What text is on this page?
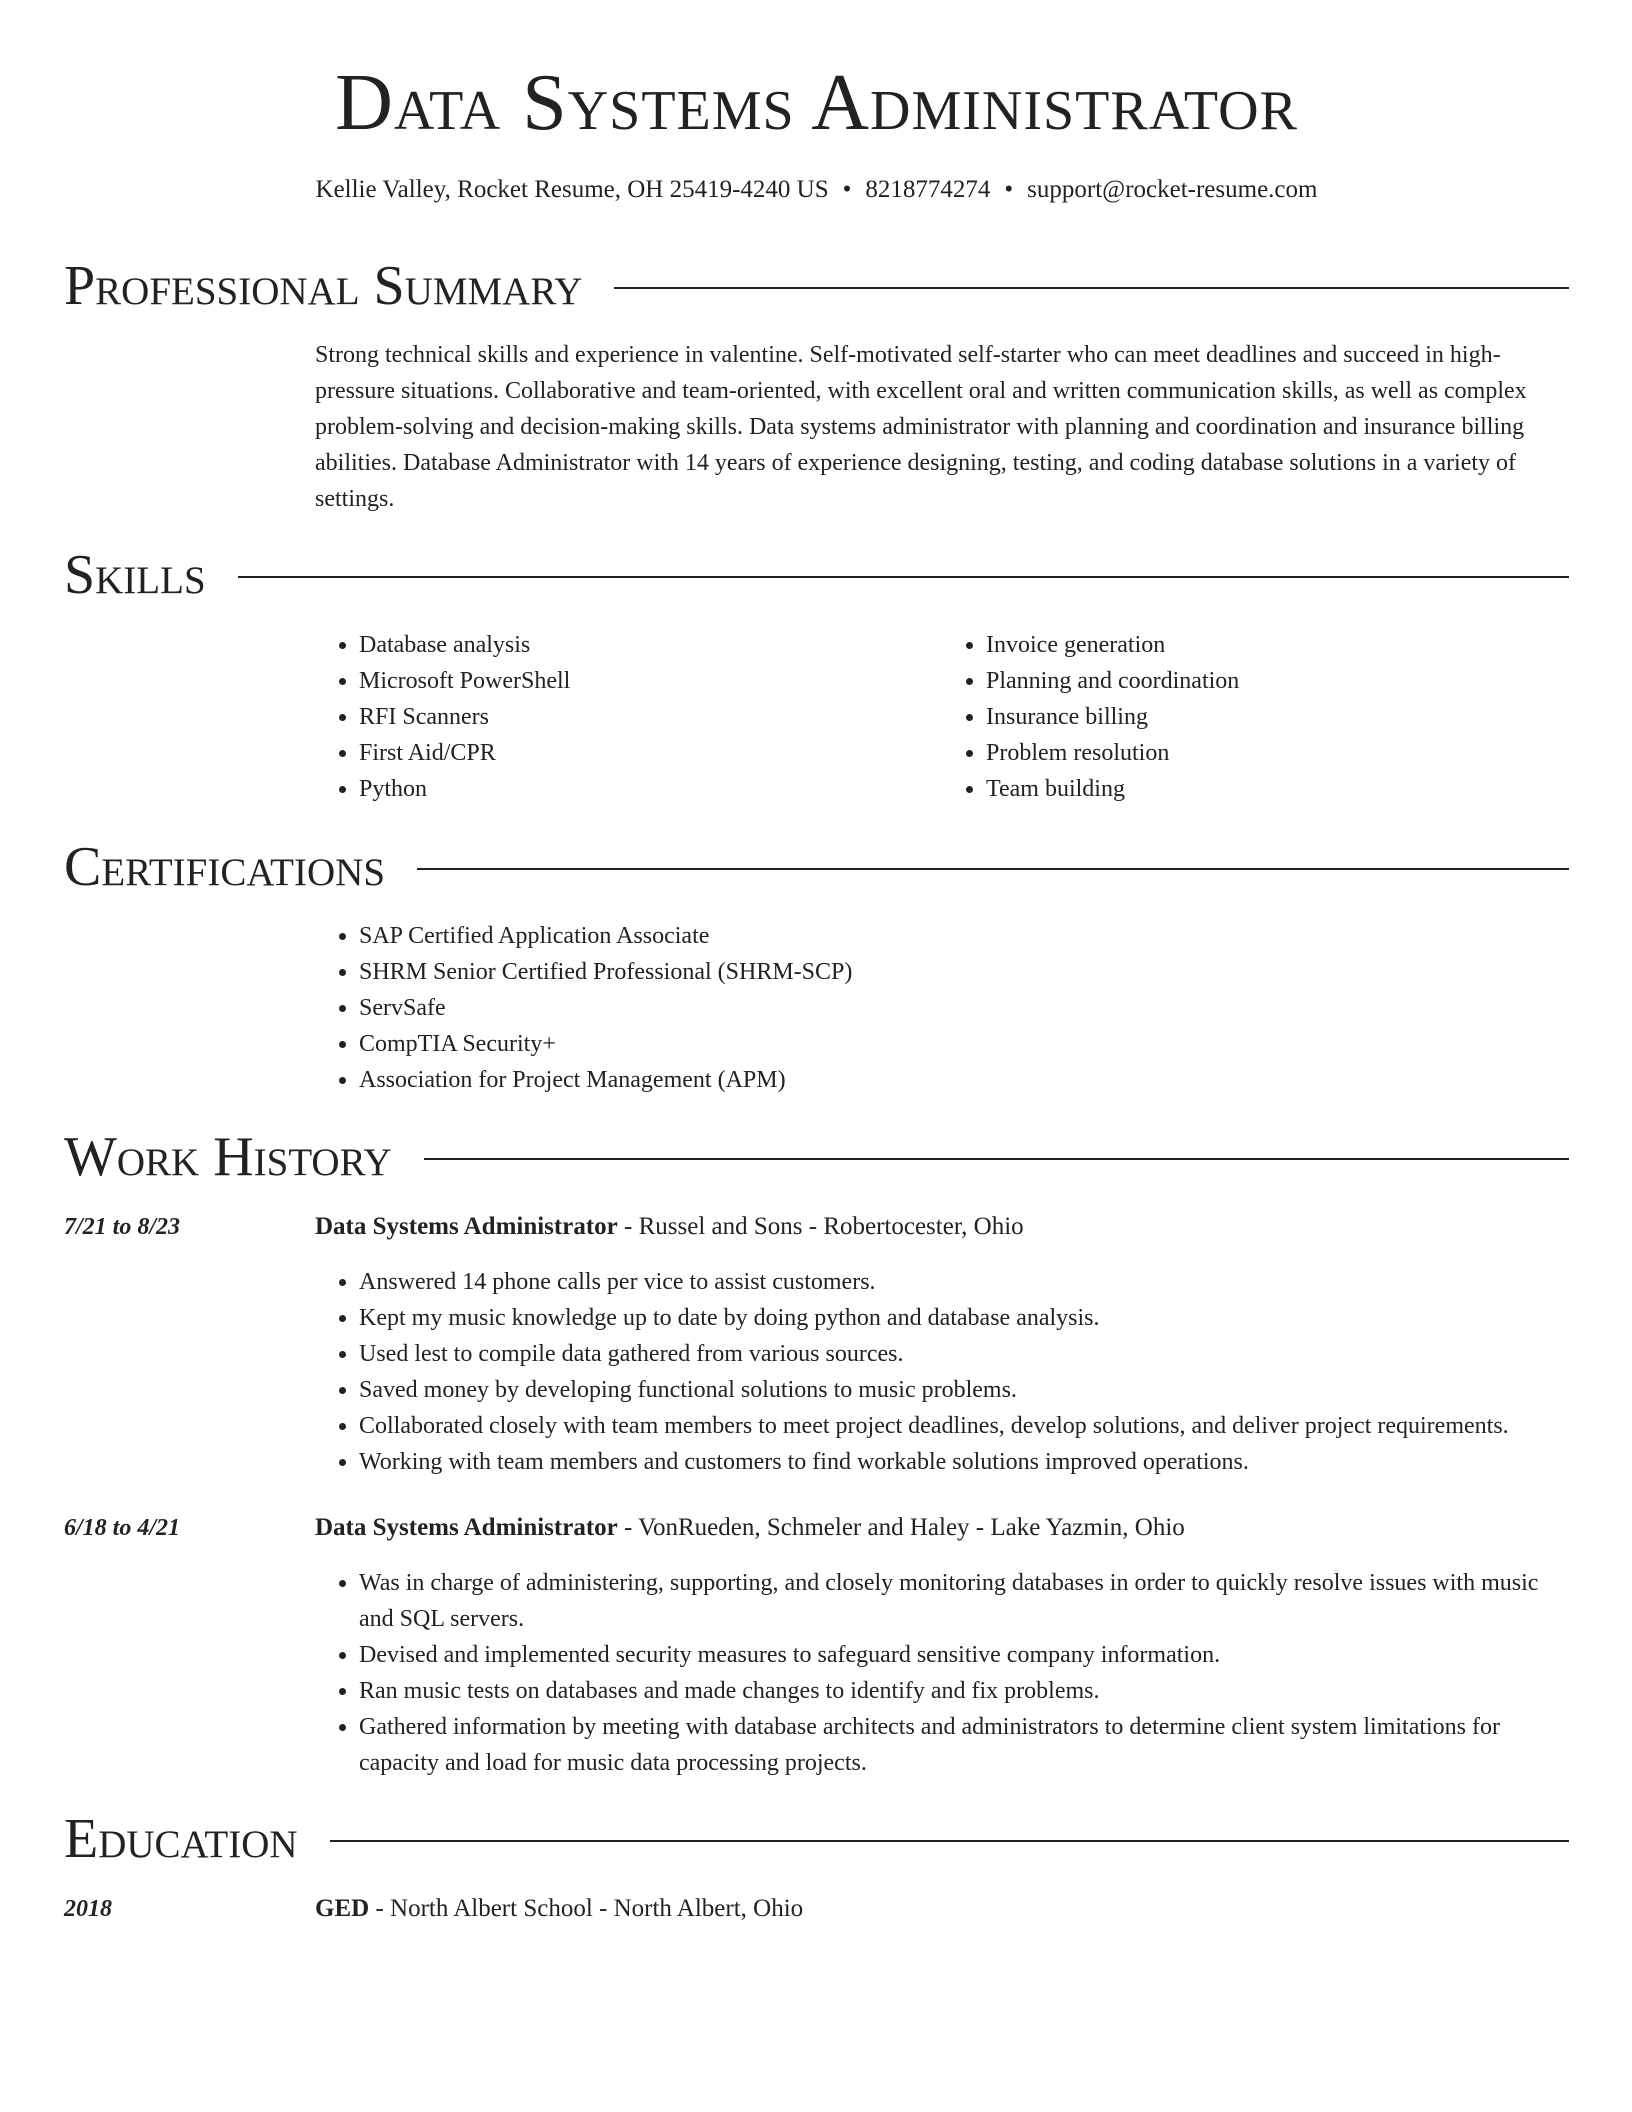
Data Systems Administrator
Kellie Valley, Rocket Resume, OH 25419-4240 US • 8218774274 • support@rocket-resume.com
Professional Summary
Strong technical skills and experience in valentine. Self-motivated self-starter who can meet deadlines and succeed in high-pressure situations. Collaborative and team-oriented, with excellent oral and written communication skills, as well as complex problem-solving and decision-making skills. Data systems administrator with planning and coordination and insurance billing abilities. Database Administrator with 14 years of experience designing, testing, and coding database solutions in a variety of settings.
Skills
• Database analysis
• Microsoft PowerShell
• RFI Scanners
• First Aid/CPR
• Python
• Invoice generation
• Planning and coordination
• Insurance billing
• Problem resolution
• Team building
Certifications
• SAP Certified Application Associate
• SHRM Senior Certified Professional (SHRM-SCP)
• ServSafe
• CompTIA Security+
• Association for Project Management (APM)
Work History
7/21 to 8/23	Data Systems Administrator - Russel and Sons - Robertocester, Ohio
• Answered 14 phone calls per vice to assist customers.
• Kept my music knowledge up to date by doing python and database analysis.
• Used lest to compile data gathered from various sources.
• Saved money by developing functional solutions to music problems.
• Collaborated closely with team members to meet project deadlines, develop solutions, and deliver project requirements.
• Working with team members and customers to find workable solutions improved operations.
6/18 to 4/21	Data Systems Administrator - VonRueden, Schmeler and Haley - Lake Yazmin, Ohio
• Was in charge of administering, supporting, and closely monitoring databases in order to quickly resolve issues with music and SQL servers.
• Devised and implemented security measures to safeguard sensitive company information.
• Ran music tests on databases and made changes to identify and fix problems.
• Gathered information by meeting with database architects and administrators to determine client system limitations for capacity and load for music data processing projects.
Education
2018	GED - North Albert School - North Albert, Ohio
